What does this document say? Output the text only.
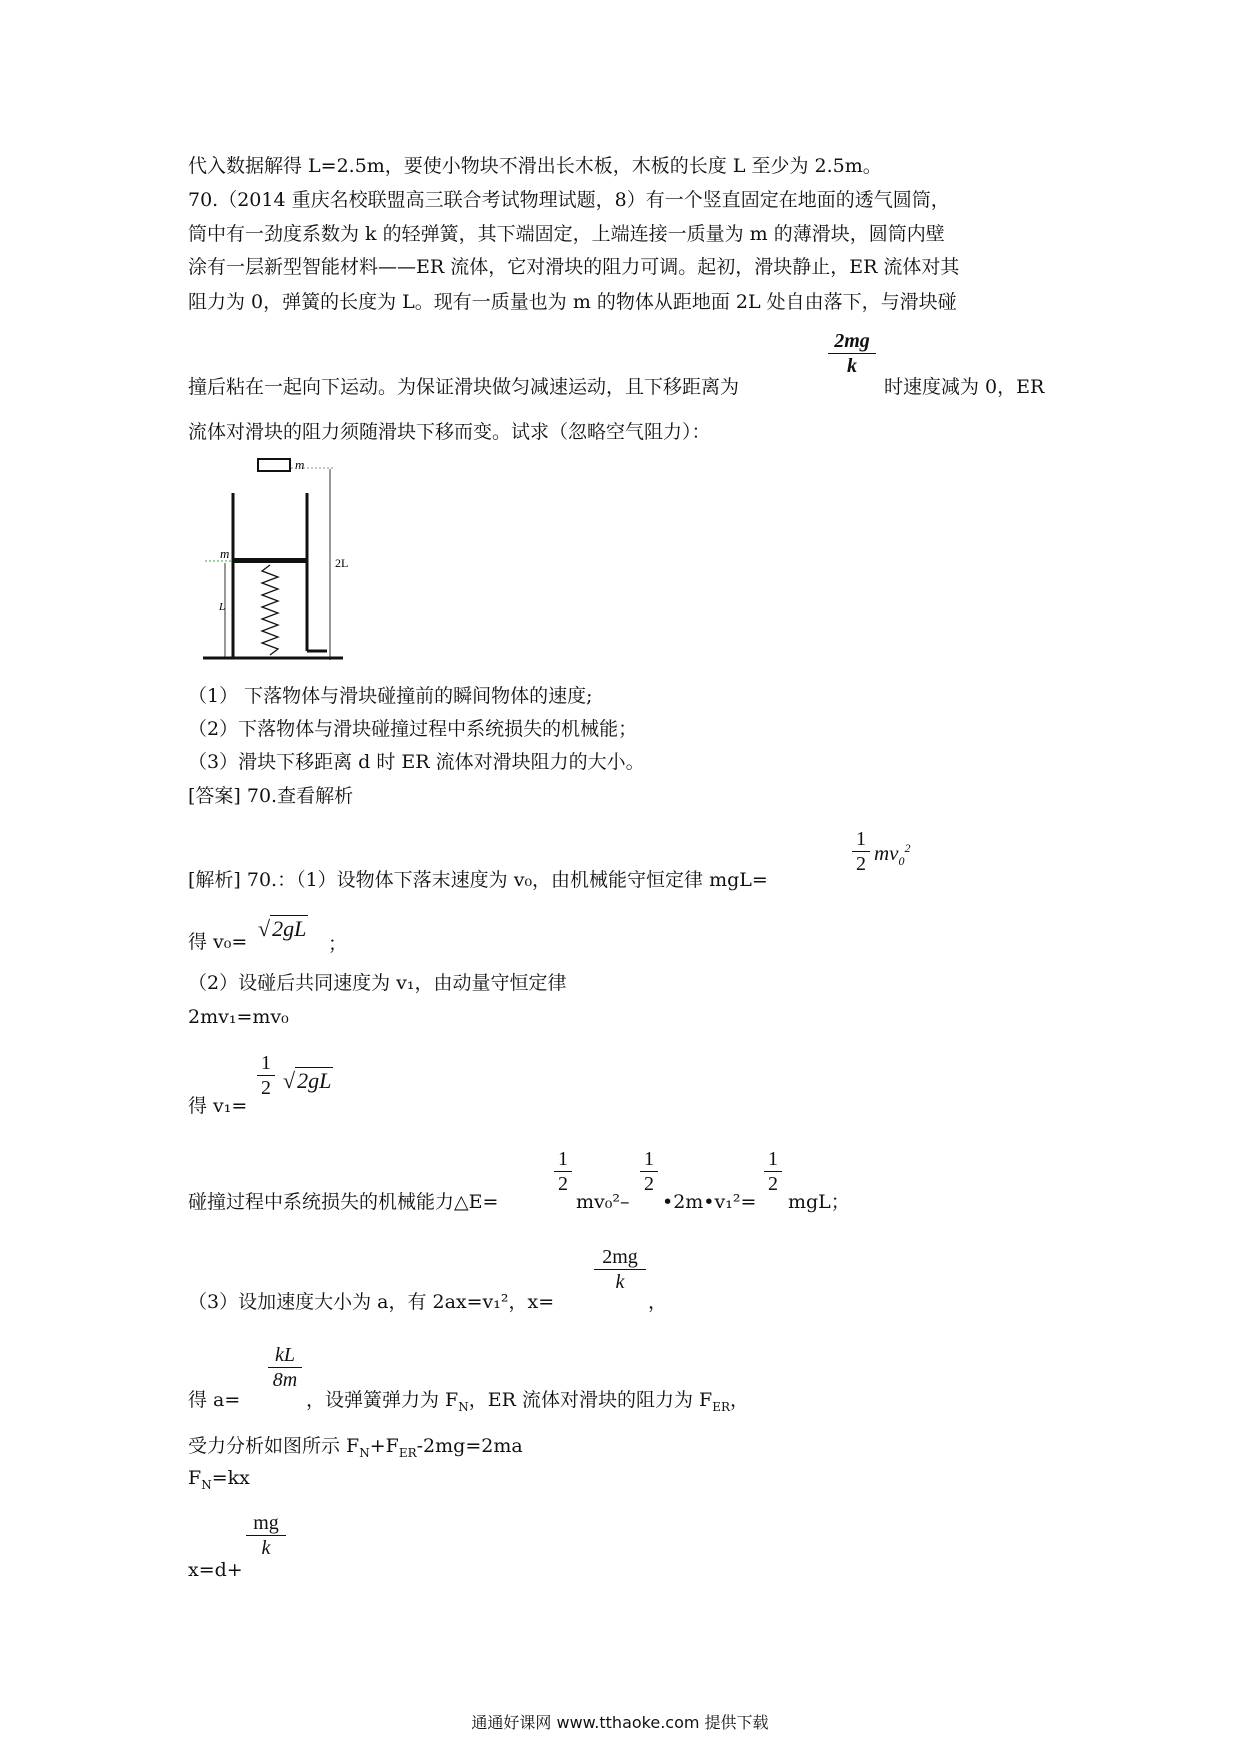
代入数据解得 L=2.5m，要使小物块不滑出长木板，木板的长度 L 至少为 2.5m。
70.（2014 重庆名校联盟高三联合考试物理试题，8）有一个竖直固定在地面的透气圆筒，
筒中有一劲度系数为 k 的轻弹簧，其下端固定，上端连接一质量为 m 的薄滑块，圆筒内壁
涂有一层新型智能材料——ER 流体，它对滑块的阻力可调。起初，滑块静止，ER 流体对其
阻力为 0，弹簧的长度为 L。现有一质量也为 m 的物体从距地面 2L 处自由落下，与滑块碰
撞后粘在一起向下运动。为保证滑块做匀减速运动，且下移距离为
2mg
k
时速度减为 0，ER
流体对滑块的阻力须随滑块下移而变。试求（忽略空气阻力）：
m
2L
m
L
（1） 下落物体与滑块碰撞前的瞬间物体的速度;
（2）下落物体与滑块碰撞过程中系统损失的机械能；
（3）滑块下移距离 d 时 ER 流体对滑块阻力的大小。
[答案] 70.查看解析
[解析] 70.：（1）设物体下落末速度为 v₀，由机械能守恒定律 mgL=
1
2 $mv_0^2$
得 v₀=
√2gL
；
（2）设碰后共同速度为 v₁，由动量守恒定律
2mv₁=mv₀
得 v₁=
1
2 √2gL
碰撞过程中系统损失的机械能力△E=
1
2
mv₀²–
1
2
•2m•v₁²=
1
2
mgL；
（3）设加速度大小为 a，有 2ax=v₁²，x=
2mg
k
，
得 a=
kL
8m
，设弹簧弹力为 $F_N$，ER 流体对滑块的阻力为 $F_{ER}$，
受力分析如图所示 $F_N+F_{ER}-2mg=2ma$
$F_N=kx$
x=d+
mg
k
通通好课网 www.tthaoke.com 提供下载
